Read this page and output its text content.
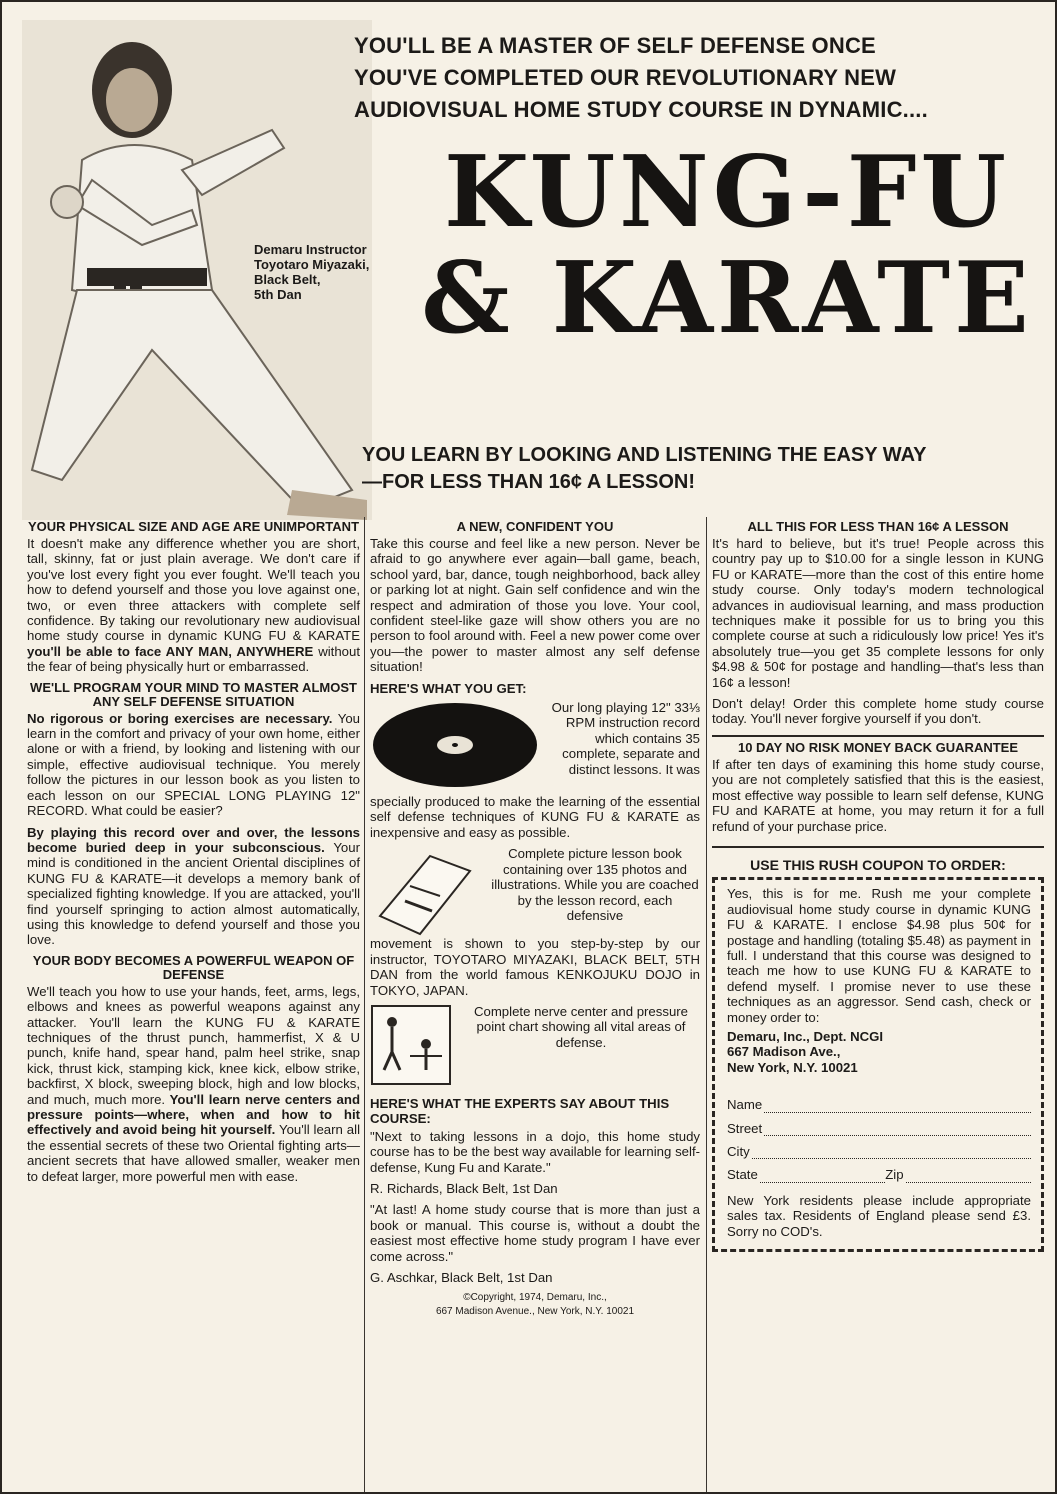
Demaru Instructor
Toyotaro Miyazaki,
Black Belt,
5th Dan
YOU'LL BE A MASTER OF SELF DEFENSE ONCE
YOU'VE COMPLETED OUR REVOLUTIONARY NEW
AUDIOVISUAL HOME STUDY COURSE IN DYNAMIC....
KUNG-FU
& KARATE
YOU LEARN BY LOOKING AND LISTENING THE EASY WAY
—FOR LESS THAN 16¢ A LESSON!
YOUR PHYSICAL SIZE AND AGE ARE UNIMPORTANT

It doesn't make any difference whether you are short, tall, skinny, fat or just plain average. We don't care if you've lost every fight you ever fought. We'll teach you how to defend yourself and those you love against one, two, or even three attackers with complete self confidence. By taking our revolutionary new audiovisual home study course in dynamic KUNG FU & KARATE you'll be able to face ANY MAN, ANYWHERE without the fear of being physically hurt or embarrassed.

WE'LL PROGRAM YOUR MIND TO MASTER ALMOST ANY SELF DEFENSE SITUATION

No rigorous or boring exercises are necessary. You learn in the comfort and privacy of your own home, either alone or with a friend, by looking and listening with our simple, effective audiovisual technique. You merely follow the pictures in our lesson book as you listen to each lesson on our SPECIAL LONG PLAYING 12" RECORD. What could be easier?

By playing this record over and over, the lessons become buried deep in your subconscious. Your mind is conditioned in the ancient Oriental disciplines of KUNG FU & KARATE—it develops a memory bank of specialized fighting knowledge. If you are attacked, you'll find yourself springing to action almost automatically, using this knowledge to defend yourself and those you love.

YOUR BODY BECOMES A POWERFUL WEAPON OF DEFENSE

We'll teach you how to use your hands, feet, arms, legs, elbows and knees as powerful weapons against any attacker. You'll learn the KUNG FU & KARATE techniques of the thrust punch, hammerfist, X & U punch, knife hand, spear hand, palm heel strike, snap kick, thrust kick, stamping kick, knee kick, elbow strike, backfirst, X block, sweeping block, high and low blocks, and much, much more. You'll learn nerve centers and pressure points—where, when and how to hit effectively and avoid being hit yourself. You'll learn all the essential secrets of these two Oriental fighting arts—ancient secrets that have allowed smaller, weaker men to defeat larger, more powerful men with ease.

A NEW, CONFIDENT YOU

Take this course and feel like a new person. Never be afraid to go anywhere ever again—ball game, beach, school yard, bar, dance, tough neighborhood, back alley or parking lot at night. Gain self confidence and win the respect and admiration of those you love. Your cool, confident steel-like gaze will show others you are no person to fool around with. Feel a new power come over you—the power to master almost any self defense situation!

HERE'S WHAT YOU GET:
Our long playing 12" 33⅓ RPM instruction record which contains 35 complete, separate and distinct lessons. It was

specially produced to make the learning of the essential self defense techniques of KUNG FU & KARATE as inexpensive and easy as possible.

Complete picture lesson book containing over 135 photos and illustrations. While you are coached by the lesson record, each defensive

movement is shown to you step-by-step by our instructor, TOYOTARO MIYAZAKI, BLACK BELT, 5TH DAN from the world famous KENKOJUKU DOJO in TOKYO, JAPAN.

Complete nerve center and pressure point chart showing all vital areas of defense.
HERE'S WHAT THE EXPERTS SAY ABOUT THIS COURSE:

"Next to taking lessons in a dojo, this home study course has to be the best way available for learning self-defense, Kung Fu and Karate."

R. Richards, Black Belt, 1st Dan

"At last! A home study course that is more than just a book or manual. This course is, without a doubt the easiest most effective home study program I have ever come across."

G. Aschkar, Black Belt, 1st Dan

©Copyright, 1974, Demaru, Inc.,
667 Madison Avenue., New York, N.Y. 10021
ALL THIS FOR LESS THAN 16¢ A LESSON

It's hard to believe, but it's true! People across this country pay up to $10.00 for a single lesson in KUNG FU or KARATE—more than the cost of this entire home study course. Only today's modern technological advances in audiovisual learning, and mass production techniques make it possible for us to bring you this complete course at such a ridiculously low price! Yes it's absolutely true—you get 35 complete lessons for only $4.98 & 50¢ for postage and handling—that's less than 16¢ a lesson!

Don't delay! Order this complete home study course today. You'll never forgive yourself if you don't.

10 DAY NO RISK MONEY BACK GUARANTEE

If after ten days of examining this home study course, you are not completely satisfied that this is the easiest, most effective way possible to learn self defense, KUNG FU and KARATE at home, you may return it for a full refund of your purchase price.

USE THIS RUSH COUPON TO ORDER:

Yes, this is for me. Rush me your complete audiovisual home study course in dynamic KUNG FU & KARATE. I enclose $4.98 plus 50¢ for postage and handling (totaling $5.48) as payment in full. I understand that this course was designed to teach me how to use KUNG FU & KARATE to defend myself. I promise never to use these techniques as an aggressor. Send cash, check or money order to:

Demaru, Inc., Dept. NCGI
667 Madison Ave.,
New York, N.Y. 10021
Name
Street
City
State	Zip

New York residents please include appropriate sales tax. Residents of England please send £3. Sorry no COD's.
